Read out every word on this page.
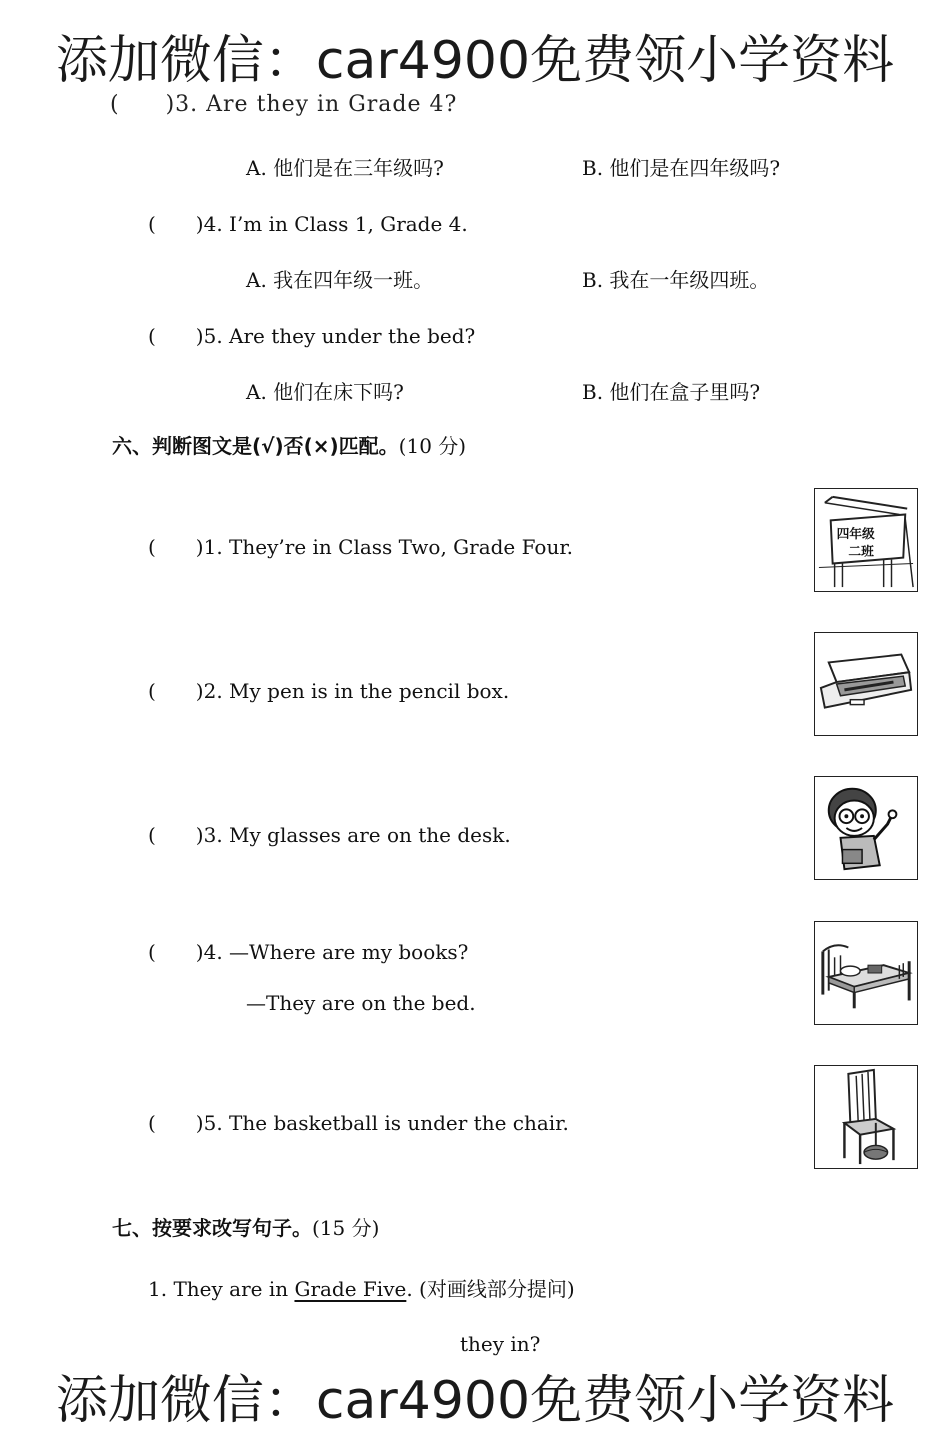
添加微信：car4900免费领小学资料
(　　)3. Are they in Grade 4? 　　　　　　
A. 他们是在三年级吗?	B. 他们是在四年级吗?
(　　)4. I’m in Class 1, Grade 4.
A. 我在四年级一班。	B. 我在一年级四班。
(　　)5. Are they under the bed?
A. 他们在床下吗?	B. 他们在盒子里吗?
六、判断图文是(√)否(×)匹配。(10 分)
(　　)1. They’re in Class Two, Grade Four.
四年级
二班
(　　)2. My pen is in the pencil box.
(　　)3. My glasses are on the desk.
(　　)4. —Where are my books?
—They are on the bed.
(　　)5. The basketball is under the chair.
七、按要求改写句子。(15 分)
1. They are in Grade Five. (对画线部分提问)
　　they in?
添加微信：car4900免费领小学资料
